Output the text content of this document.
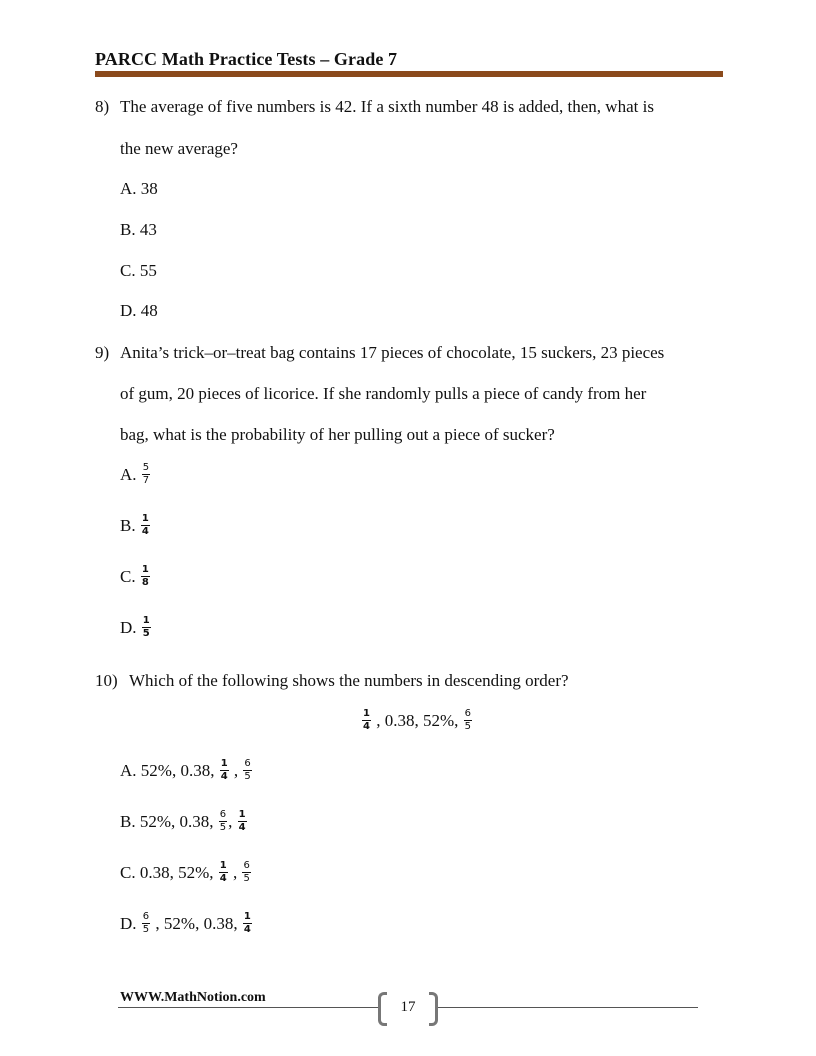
PARCC Math Practice Tests – Grade 7
8) The average of five numbers is 42. If a sixth number 48 is added, then, what is
the new average?
A.
38
B.
43
C.
55
D.
48
9) Anita’s trick–or–treat bag contains 17 pieces of chocolate, 15 suckers, 23 pieces
of gum, 20 pieces of licorice. If she randomly pulls a piece of candy from her
bag, what is the probability of her pulling out a piece of sucker?
A.
$\frac{5}{7}$
B.
$\frac{1}{4}$
C.
$\frac{1}{8}$
D.
$\frac{1}{5}$
10) Which of the following shows the numbers in descending order?
$\frac{1}{4}$ , 0.38, 52%, $\frac{6}{5}$
A.
52%, 0.38, $\frac{1}{4}$ , $\frac{6}{5}$
B.
52%, 0.38, $\frac{6}{5}$ , $\frac{1}{4}$
C.
0.38, 52%, $\frac{1}{4}$ , $\frac{6}{5}$
D.
$\frac{6}{5}$ , 52%, 0.38, $\frac{1}{4}$
WWW.MathNotion.com
17
